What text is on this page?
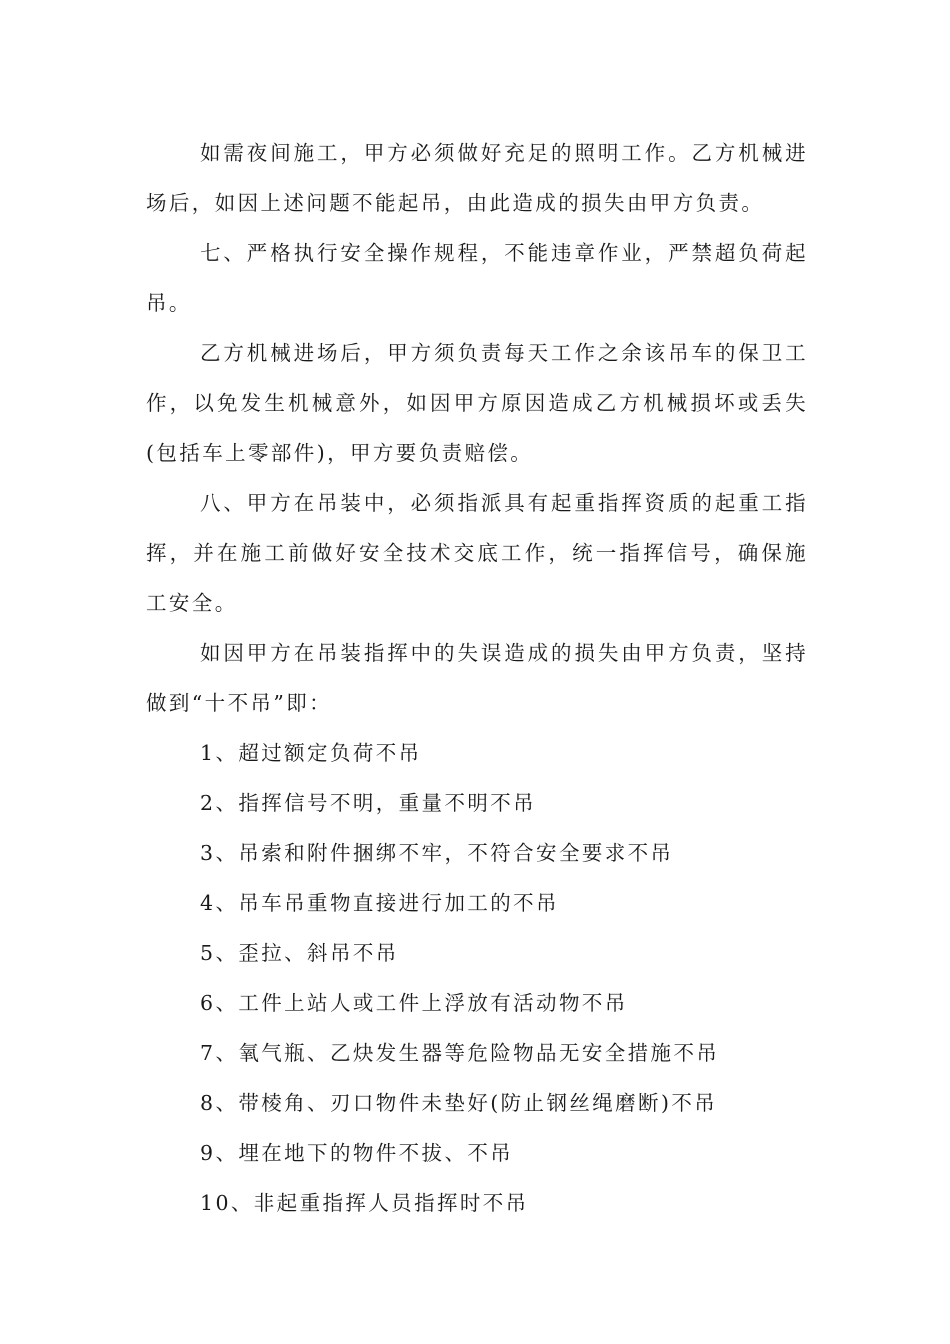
如需夜间施工，甲方必须做好充足的照明工作。乙方机械进场后，如因上述问题不能起吊，由此造成的损失由甲方负责。

七、严格执行安全操作规程，不能违章作业，严禁超负荷起吊。

乙方机械进场后，甲方须负责每天工作之余该吊车的保卫工作，以免发生机械意外，如因甲方原因造成乙方机械损坏或丢失(包括车上零部件)，甲方要负责赔偿。

八、甲方在吊装中，必须指派具有起重指挥资质的起重工指挥，并在施工前做好安全技术交底工作，统一指挥信号，确保施工安全。

如因甲方在吊装指挥中的失误造成的损失由甲方负责，坚持做到“十不吊”即：

1、超过额定负荷不吊

2、指挥信号不明，重量不明不吊

3、吊索和附件捆绑不牢，不符合安全要求不吊

4、吊车吊重物直接进行加工的不吊

5、歪拉、斜吊不吊

6、工件上站人或工件上浮放有活动物不吊

7、氧气瓶、乙炔发生器等危险物品无安全措施不吊

8、带棱角、刃口物件未垫好(防止钢丝绳磨断)不吊

9、埋在地下的物件不拔、不吊

10、非起重指挥人员指挥时不吊
